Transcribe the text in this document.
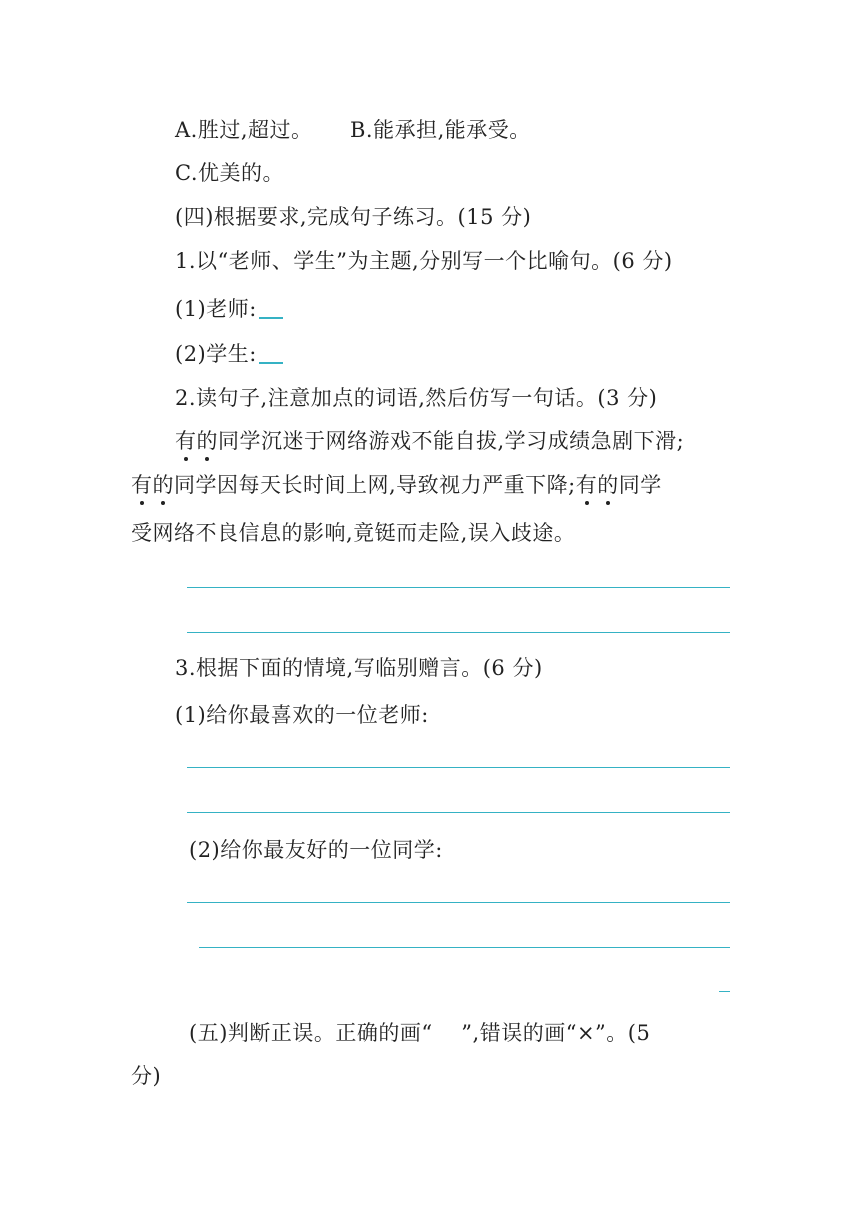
A.胜过,超过。 B.能承担,能承受。
C.优美的。
(四)根据要求,完成句子练习。(15 分)
1.以“老师、学生”为主题,分别写一个比喻句。(6 分)
(1)老师:
(2)学生:
2.读句子,注意加点的词语,然后仿写一句话。(3 分)
有的同学沉迷于网络游戏不能自拔,学习成绩急剧下滑;
有的同学因每天长时间上网,导致视力严重下降;有的同学
受网络不良信息的影响,竟铤而走险,误入歧途。
3.根据下面的情境,写临别赠言。(6 分)
(1)给你最喜欢的一位老师:
(2)给你最友好的一位同学:
(五)判断正误。正确的画“　 ”,错误的画“×”。(5
分)
